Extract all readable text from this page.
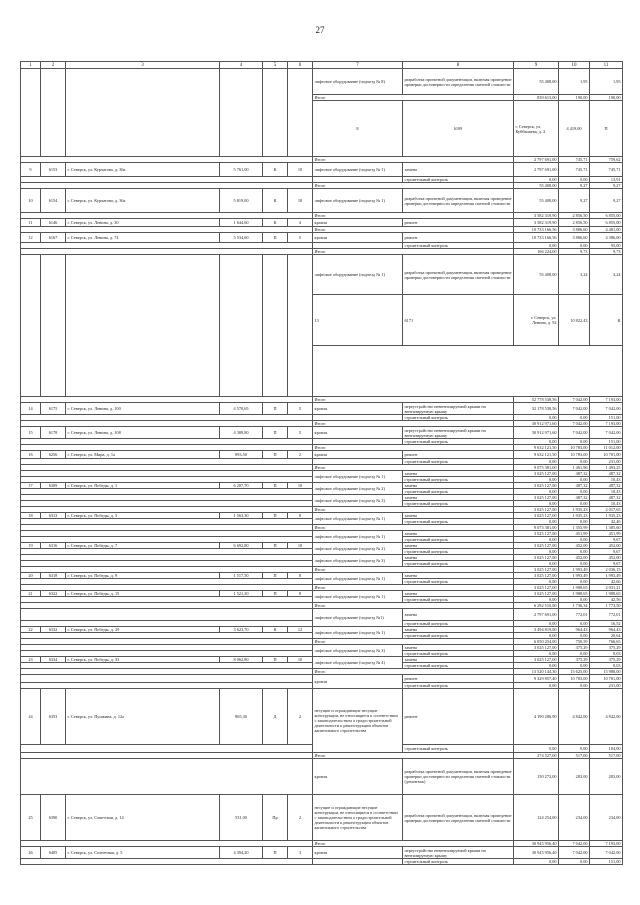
27
1	2	3	4	5	6	7	8	9	10	11	
						лифтовое оборудование (подъезд № 8)	разработка проектной документации, включая проведение проверки достоверности определения сметной стоимости	55 408,00	1,95	1,95	
						Итого		839 613,00	190,00	190,00	
						8	6109	г. Северск, ул. Куйбышева, д. 2	4 419,00	П						
						Итого		2 797 691,00	745,71	759,62	
9	6153	г. Северск, ул. Курчатова, д. 36а	5 761,00	К	10	лифтовое оборудование (подъезд № 1)	замена	2 797 691,00	745,71	745,71	
							строительный контроль	0,00	0,00	13,91	
						Итого		55 408,00	9,27	9,27	
10	6154	г. Северск, ул. Курчатова, д. 36а	5 819,00	К	10	лифтовое оборудование (подъезд № 1)	разработка проектной документации, включая проведение проверки достоверности определения сметной стоимости	55 408,00	9,27	9,27	
						Итого		3 582 319,90	2 856,50	6 855,00	
11	6146	г. Северск, ул. Ленина, д. 30	1 644,60	К	4	кровля	ремонт	3 582 319,90	2 856,50	6 855,00	
						Итого		10 733 166,56	3 886,60	4 481,00	
12	6167	г. Северск, ул. Ленина, д. 74	5 534,60	П	5	кровля	ремонт	10 733 166,56	3 886,60	4 386,00	
							строительный контроль	0,00	0,00	95,00	
						Итого		166 224,00	9,73	9,73	
						лифтовое оборудование (подъезд № 1)	разработка проектной документации, включая проведение проверки достоверности определения сметной стоимости	55 408,00	3,24	3,24	
						13	6171	г. Северск, ул. Ленина, д. 92	10 822,43	К						

						Итого		52 778 538,56	7 042,00	7 193,00	
14	6175	г. Северск, ул. Ленина, д. 100	4 570,65	П	5	кровля	переустройство невентилируемой крыши на вентилируемую крышу	32 178 538,56	7 042,00	7 042,00	
							строительный контроль	0,00	0,00	151,00	
						Итого		30 912 971,60	7 042,00	7 193,00	
15	6178	г. Северск, ул. Ленина, д. 108	4 389,80	П	5	кровля	переустройство невентилируемой крыши на вентилируемую крышу	30 912 971,60	7 042,00	7 042,00	
							строительный контроль	0,00	0,00	151,00	
						Итого		9 632 121,50	10 783,00	11 012,00	
16	6256	г. Северск, ул. Мира, д. 1а	893,50	П	2	кровля	ремонт	9 632 121,50	10 783,00	10 781,00	
							строительный контроль	0,00	0,00	231,00	
						Итого		9 075 381,00	1 461,96	1 493,25	
						лифтовое оборудование (подъезд № 1)	замена	3 025 127,00	487,32	487,32	
							строительный контроль	0,00	0,00	10,43	
17	6309	г. Северск, ул. Победы, д. 1	6 207,70	П	10	лифтовое оборудование (подъезд № 2)	замена	3 025 127,00	487,32	487,32	
							строительный контроль	0,00	0,00	10,43	
						лифтовое оборудование (подъезд № 3)	замена	3 025 127,00	487,32	487,32	
							строительный контроль	0,00	0,00	10,43	
						Итого		3 025 127,00	1 935,23	2 017,65	
18	6313	г. Северск, ул. Победы, д. 3	1 563,30	П	8	лифтовое оборудование (подъезд № 1)	замена	3 025 127,00	1 935,23	1 935,23	
							строительный контроль	0,00	0,00	42,46	
						Итого		9 075 381,00	1 355,99	1 385,60	
						лифтовое оборудование (подъезд № 1)	замена	3 025 127,00	451,99	451,99	
							строительный контроль	0,00	0,00	9,67	
19	6316	г. Северск, ул. Победы, д. 7	6 692,80	П	10	лифтовое оборудование (подъезд № 2)	замена	3 025 127,00	452,00	452,00	
							строительный контроль	0,00	0,00	9,67	
						лифтовое оборудование (подъезд № 3)	замена	3 025 127,00	452,00	452,00	
							строительный контроль	0,00	0,00	9,67	
						Итого		3 025 127,00	1 993,49	2 036,15	
20	6318	г. Северск, ул. Победы, д. 9	1 517,50	П	8	лифтовое оборудование (подъезд № 1)	замена	3 025 127,00	1 993,49	1 993,49	
							строительный контроль	0,00	0,00	42,66	
						Итого		3 025 127,00	1 988,65	2 031,21	
21	6322	г. Северск, ул. Победы, д. 15	1 521,20	П	8	лифтовое оборудование (подъезд № 1)	замена	3 025 127,00	1 988,65	1 988,65	
							строительный контроль	0,00	0,00	42,56	
						Итого		6 292 510,00	1 736,34	1 773,50	
						лифтовое оборудование (подъезд №1)	замена	2 797 691,00	772,01	772,01	
							строительный контроль	0,00	0,00	16,52	
22	6332	г. Северск, ул. Победы, д. 29	3 623,70	К	12	лифтовое оборудование (подъезд № 1)	замена	3 494 819,00	964,43	964,43	
							строительный контроль	0,00	0,00	20,64	
						Итого		6 050 254,00	750,59	766,65	
						лифтовое оборудование (подъезд № 3)	замена	3 025 127,00	375,29	375,29	
							строительный контроль	0,00	0,00	8,03	
23	6334	г. Северск, ул. Победы, д. 33	8 062,80	П	10	лифтовое оборудование (подъезд № 4)	замена	3 025 127,00	375,29	375,29	
							строительный контроль	0,00	0,00	8,03	
						Итого		13 520 144,30	15 625,00	15 988,00	
						кровля	ремонт	9 329 857,40	10 783,00	10 781,00	
							строительный контроль	0,00	0,00	231,00	
24	6353	г. Северск, ул. Пушкина, д. 12а	865,30	Д	2	несущие и ограждающие несущие конструкции, не относящиеся к соответствии с законодательством о градостроительной деятельности к реконструкции объектов капитального строительства	ремонт	4 190 286,90	4 842,00	4 842,00	
							строительный контроль	0,00	0,00	104,00	
						Итого		274 527,00	517,00	517,00	
						кровля	разработка проектной документации, включая проведение проверки достоверности определения сметной стоимости (демонтаж)	150 273,00	283,00	283,00	
25	6390	г. Северск, ул. Советская, д. 14	531,00	Пр	2	несущие и ограждающие несущие конструкции, не относящиеся в соответствии с законодательством о градостроительной деятельности к реконструкции объектов капитального строительства	разработка проектной документации, включая проведение проверки достоверности определения сметной стоимости	124 254,00	234,00	234,00	
						Итого		30 945 956,40	7 042,00	7 193,00	
26	6405	г. Северск, ул. Солнечная, д. 5	4 394,20	П	3	кровля	переустройство невентилируемой крыши на вентилируемую крышу	30 945 956,40	7 042,00	7 042,00	
							строительный контроль	0,00	0,00	151,00	
